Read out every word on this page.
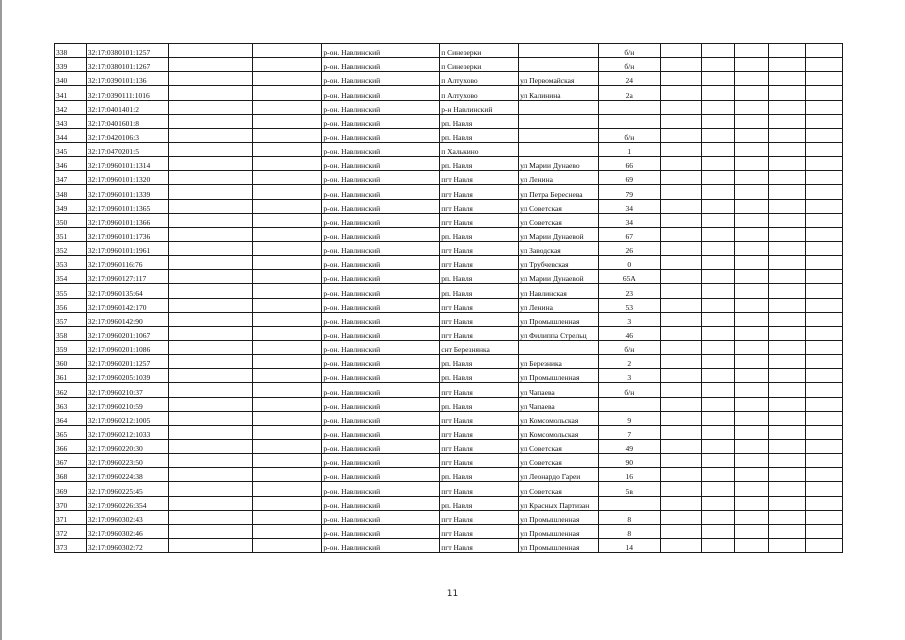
338	32:17:0380101:1257			р-он. Навлинский	п Синезерки		б/н					
339	32:17:0380101:1267			р-он. Навлинский	п Синезерки		б/н					
340	32:17:0390101:136			р-он. Навлинский	п Алтухово	ул Первомайская	24					
341	32:17:0390111:1016			р-он. Навлинский	п Алтухово	ул Калинина	2а					
342	32:17:0401401:2			р-он. Навлинский	р-н Навлинский							
343	32:17:0401601:8			р-он. Навлинский	рп. Навля							
344	32:17:0420106:3			р-он. Навлинский	рп. Навля		б/н					
345	32:17:0470201:5			р-он. Навлинский	п Халькино		1					
346	32:17:0960101:1314			р-он. Навлинский	рп. Навля	ул Марии Дунаево	66					
347	32:17:0960101:1320			р-он. Навлинский	пгт Навля	ул Ленина	69					
348	32:17:0960101:1339			р-он. Навлинский	пгт Навля	ул Петра Береснева	79					
349	32:17:0960101:1365			р-он. Навлинский	пгт Навля	ул Советская	34					
350	32:17:0960101:1366			р-он. Навлинский	пгт Навля	ул Советская	34					
351	32:17:0960101:1736			р-он. Навлинский	рп. Навля	ул Марии Дунаевой	67					
352	32:17:0960101:1961			р-он. Навлинский	пгт Навля	ул Заводская	26					
353	32:17:0960116:76			р-он. Навлинский	пгт Навля	ул Трубчевская	0					
354	32:17:0960127:117			р-он. Навлинский	рп. Навля	ул Марии Дунаевой	65А					
355	32:17:0960135:64			р-он. Навлинский	рп. Навля	ул Навлинская	23					
356	32:17:0960142:170			р-он. Навлинский	пгт Навля	ул Ленина	53					
357	32:17:0960142:90			р-он. Навлинский	пгт Навля	ул Промышленная	3					
358	32:17:0960201:1067			р-он. Навлинский	пгт Навля	ул Филиппа Стрельц	46					
359	32:17:0960201:1086			р-он. Навлинский	снт Березнянка		б/н					
360	32:17:0960201:1257			р-он. Навлинский	рп. Навля	ул Березника	2					
361	32:17:0960205:1039			р-он. Навлинский	рп. Навля	ул Промышленная	3					
362	32:17:0960210:37			р-он. Навлинский	пгт Навля	ул Чапаева	б/н					
363	32:17:0960210:59			р-он. Навлинский	рп. Навля	ул Чапаева						
364	32:17:0960212:1005			р-он. Навлинский	пгт Навля	ул Комсомольская	9					
365	32:17:0960212:1033			р-он. Навлинский	пгт Навля	ул Комсомольская	7					
366	32:17:0960220:30			р-он. Навлинский	пгт Навля	ул Советская	49					
367	32:17:0960223:50			р-он. Навлинский	пгт Навля	ул Советская	90					
368	32:17:0960224:38			р-он. Навлинский	рп. Навля	ул Леонардо Гареи	16					
369	32:17:0960225:45			р-он. Навлинский	пгт Навля	ул Советская	5в					
370	32:17:0960226:354			р-он. Навлинский	рп. Навля	ул Красных Партизан						
371	32:17:0960302:43			р-он. Навлинский	пгт Навля	ул Промышленная	8					
372	32:17:0960302:46			р-он. Навлинский	пгт Навля	ул Промышленная	8					
373	32:17:0960302:72			р-он. Навлинский	пгт Навля	ул Промышленная	14					
11
